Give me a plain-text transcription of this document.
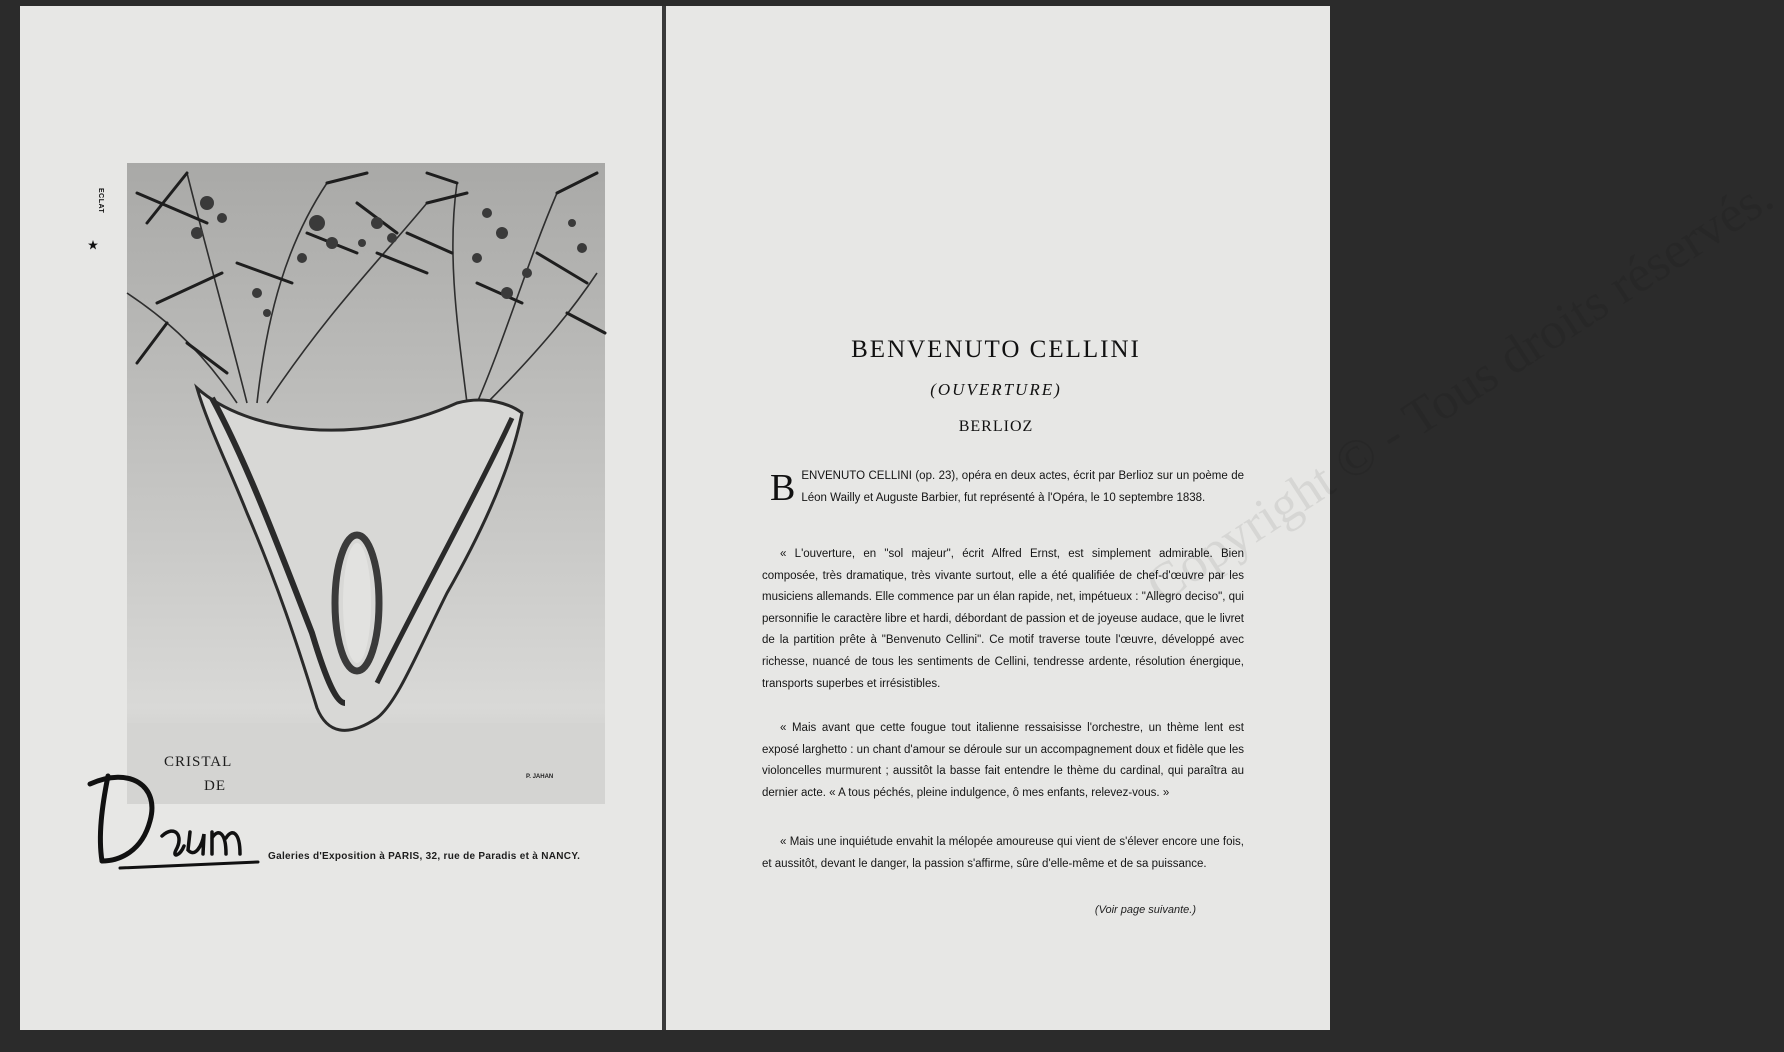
ECLAT
CRISTAL
DE
P. JAHAN
Galeries d'Exposition à PARIS, 32, rue de Paradis et à NANCY.
Copyright © - Tous droits réservés.
BENVENUTO CELLINI
(OUVERTURE)
BERLIOZ
B ENVENUTO CELLINI (op. 23), opéra en deux actes, écrit par Berlioz sur un poème de Léon Wailly et Auguste Barbier, fut représenté à l'Opéra, le 10 septembre 1838.
« L'ouverture, en "sol majeur", écrit Alfred Ernst, est simplement admirable. Bien composée, très dramatique, très vivante surtout, elle a été qualifiée de chef-d'œuvre par les musiciens allemands. Elle commence par un élan rapide, net, impétueux : "Allegro deciso", qui personnifie le caractère libre et hardi, débordant de passion et de joyeuse audace, que le livret de la partition prête à "Benvenuto Cellini". Ce motif traverse toute l'œuvre, développé avec richesse, nuancé de tous les sentiments de Cellini, tendresse ardente, résolution énergique, transports superbes et irrésistibles.
« Mais avant que cette fougue tout italienne ressaisisse l'orchestre, un thème lent est exposé larghetto : un chant d'amour se déroule sur un accompagnement doux et fidèle que les violoncelles murmurent ; aussitôt la basse fait entendre le thème du cardinal, qui paraîtra au dernier acte. « A tous péchés, pleine indulgence, ô mes enfants, relevez-vous. »
« Mais une inquiétude envahit la mélopée amoureuse qui vient de s'élever encore une fois, et aussitôt, devant le danger, la passion s'affirme, sûre d'elle-même et de sa puissance.
(Voir page suivante.)
